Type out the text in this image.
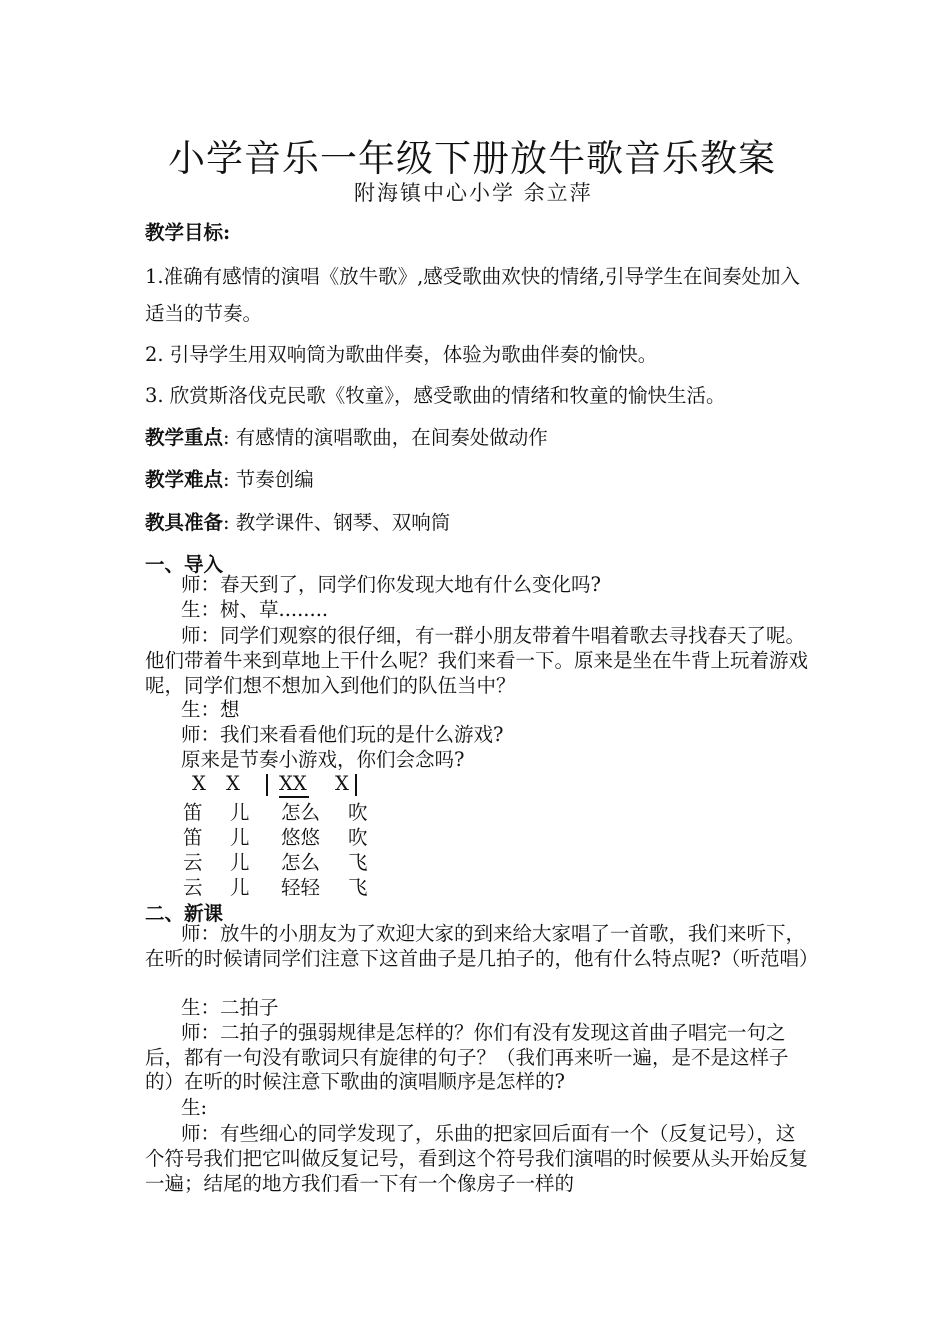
小学音乐一年级下册放牛歌音乐教案
附海镇中心小学 余立萍
教学目标:
1.准确有感情的演唱《放牛歌》,感受歌曲欢快的情绪,引导学生在间奏处加入适当的节奏。
2. 引导学生用双响筒为歌曲伴奏，体验为歌曲伴奏的愉快。
3. 欣赏斯洛伐克民歌《牧童》，感受歌曲的情绪和牧童的愉快生活。
教学重点: 有感情的演唱歌曲，在间奏处做动作
教学难点: 节奏创编
教具准备: 教学课件、钢琴、双响筒
一、导入
师：春天到了，同学们你发现大地有什么变化吗?
生：树、草........
师：同学们观察的很仔细，有一群小朋友带着牛唱着歌去寻找春天了呢。他们带着牛来到草地上干什么呢？我们来看一下。原来是坐在牛背上玩着游戏呢，同学们想不想加入到他们的队伍当中？
生：想
师：我们来看看他们玩的是什么游戏?
原来是节奏小游戏，你们会念吗?
X X XX X
笛 儿 怎么 吹
笛 儿 悠悠 吹
云 儿 怎么 飞
云 儿 轻轻 飞
二、新课
师：放牛的小朋友为了欢迎大家的到来给大家唱了一首歌，我们来听下，在听的时候请同学们注意下这首曲子是几拍子的，他有什么特点呢?（听范唱）
生：二拍子
师：二拍子的强弱规律是怎样的？你们有没有发现这首曲子唱完一句之后，都有一句没有歌词只有旋律的句子？（我们再来听一遍，是不是这样子的）在听的时候注意下歌曲的演唱顺序是怎样的?
生:
师：有些细心的同学发现了，乐曲的把家回后面有一个（反复记号），这个符号我们把它叫做反复记号，看到这个符号我们演唱的时候要从头开始反复一遍；结尾的地方我们看一下有一个像房子一样的
